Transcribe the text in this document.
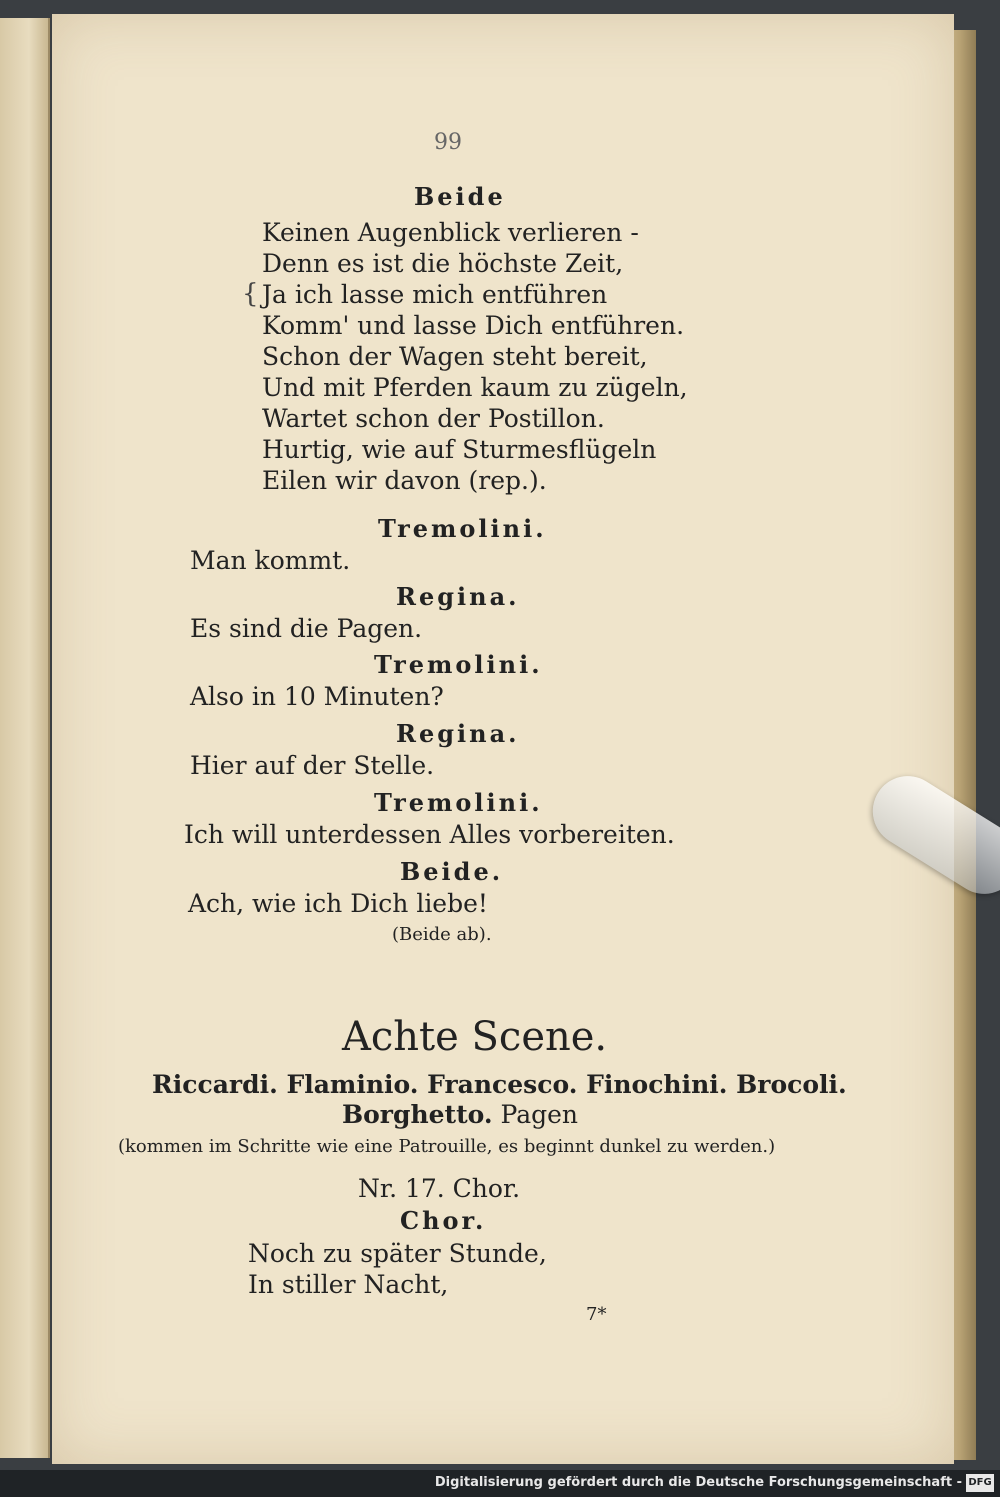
99
Beide
Keinen Augenblick verlieren -
Denn es ist die höchste Zeit,
{ Ja ich lasse mich entführen
Komm' und lasse Dich entführen.
Schon der Wagen steht bereit,
Und mit Pferden kaum zu zügeln,
Wartet schon der Postillon.
Hurtig, wie auf Sturmesflügeln
Eilen wir davon (rep.).
Tremolini.
Man kommt.
Regina.
Es sind die Pagen.
Tremolini.
Also in 10 Minuten?
Regina.
Hier auf der Stelle.
Tremolini.
Ich will unterdessen Alles vorbereiten.
Beide.
Ach, wie ich Dich liebe!
(Beide ab).
Achte Scene.
Riccardi. Flaminio. Francesco. Finochini. Brocoli.
Borghetto. Pagen
(kommen im Schritte wie eine Patrouille, es beginnt dunkel zu werden.)
Nr. 17. Chor.
Chor.
Noch zu später Stunde,
In stiller Nacht,
7*
Digitalisierung gefördert durch die Deutsche Forschungsgemeinschaft - DFG
